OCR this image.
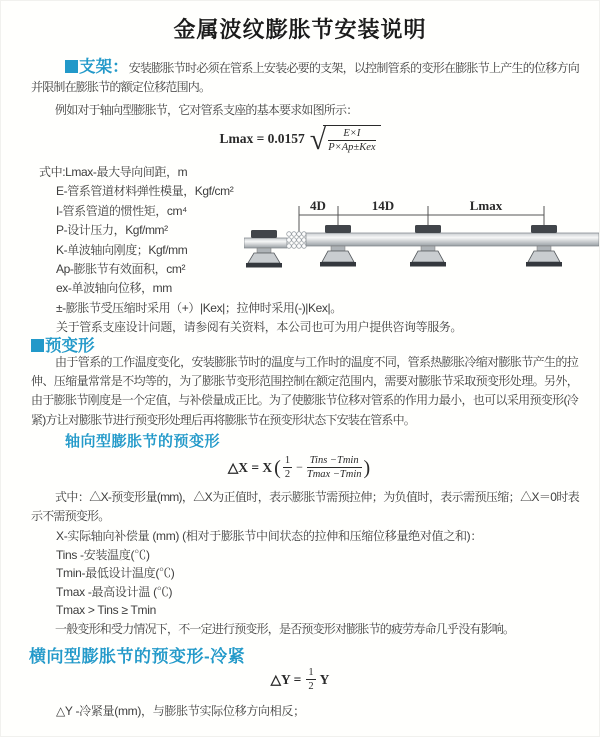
金属波纹膨胀节安装说明

支架：安装膨胀节时必须在管系上安装必要的支架，以控制管系的变形在膨胀节上产生的位移方向并限制在膨胀节的额定位移范围内。

例如对于轴向型膨胀节，它对管系支座的基本要求如图所示：

Lmax = 0.0157 √ $\frac{E\times I}{\text{P×Ap±Kex}}$
式中:Lmax-最大导向间距，m
E-管系管道材料弹性模量，Kgf/cm²
I-管系管道的惯性矩，cm⁴
P-设计压力，Kgf/mm²
K-单波轴向刚度；Kgf/mm
Ap-膨胀节有效面积，cm²
ex-单波轴向位移，mm
±-膨胀节受压缩时采用（+）|Kex|；拉伸时采用(-)|Kex|。
关于管系支座设计问题，请参阅有关资料，本公司也可为用户提供咨询等服务。
4D	14D	Lmax
预变形

由于管系的工作温度变化，安装膨胀节时的温度与工作时的温度不同，管系热膨胀冷缩对膨胀节产生的拉伸、压缩量常常是不均等的，为了膨胀节变形范围控制在额定范围内，需要对膨胀节采取预变形处理。另外，由于膨胀节刚度是一个定值，与补偿量成正比。为了使膨胀节位移对管系的作用力最小，也可以采用预变形(冷紧)方让对膨胀节进行预变形处理后再将膨胀节在预变形状态下安装在管系中。

轴向型膨胀节的预变形
△X = X ( $\frac{1}{2} - \frac{\text{Tins −Tmin}}{Tmax -Tmin}$ )

式中：△X-预变形量(mm)，△X为正值时，表示膨胀节需预拉伸；为负值时，表示需预压缩；△X＝0时表示不需预变形。

X-实际轴向补偿量 (mm) (相对于膨胀节中间状态的拉伸和压缩位移量绝对值之和)：
Tins -安装温度(℃)
Tmin-最低设计温度(℃)
Tmax -最高设计温 (℃)
Tmax > Tins ≥ Tmin

一般变形和受力情况下，不一定进行预变形，是否预变形对膨胀节的疲劳寿命几乎没有影响。

横向型膨胀节的预变形-冷紧
△Y = $\frac{1}{2}$ Y
△Y -冷紧量(mm)，与膨胀节实际位移方向相反；
